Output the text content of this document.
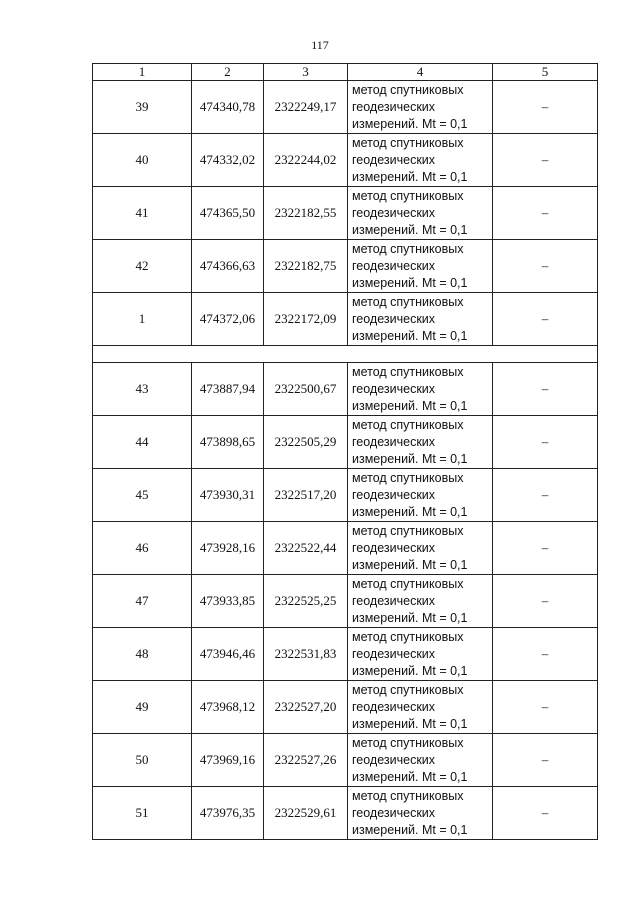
117
1	2	3	4	5
39	474340,78	2322249,17	метод спутниковых
геодезических
измерений. Mt = 0,1	–
40	474332,02	2322244,02	метод спутниковых
геодезических
измерений. Mt = 0,1	–
41	474365,50	2322182,55	метод спутниковых
геодезических
измерений. Mt = 0,1	–
42	474366,63	2322182,75	метод спутниковых
геодезических
измерений. Mt = 0,1	–
1	474372,06	2322172,09	метод спутниковых
геодезических
измерений. Mt = 0,1	–

43	473887,94	2322500,67	метод спутниковых
геодезических
измерений. Mt = 0,1	–
44	473898,65	2322505,29	метод спутниковых
геодезических
измерений. Mt = 0,1	–
45	473930,31	2322517,20	метод спутниковых
геодезических
измерений. Mt = 0,1	–
46	473928,16	2322522,44	метод спутниковых
геодезических
измерений. Mt = 0,1	–
47	473933,85	2322525,25	метод спутниковых
геодезических
измерений. Mt = 0,1	–
48	473946,46	2322531,83	метод спутниковых
геодезических
измерений. Mt = 0,1	–
49	473968,12	2322527,20	метод спутниковых
геодезических
измерений. Mt = 0,1	–
50	473969,16	2322527,26	метод спутниковых
геодезических
измерений. Mt = 0,1	–
51	473976,35	2322529,61	метод спутниковых
геодезических
измерений. Mt = 0,1	–
